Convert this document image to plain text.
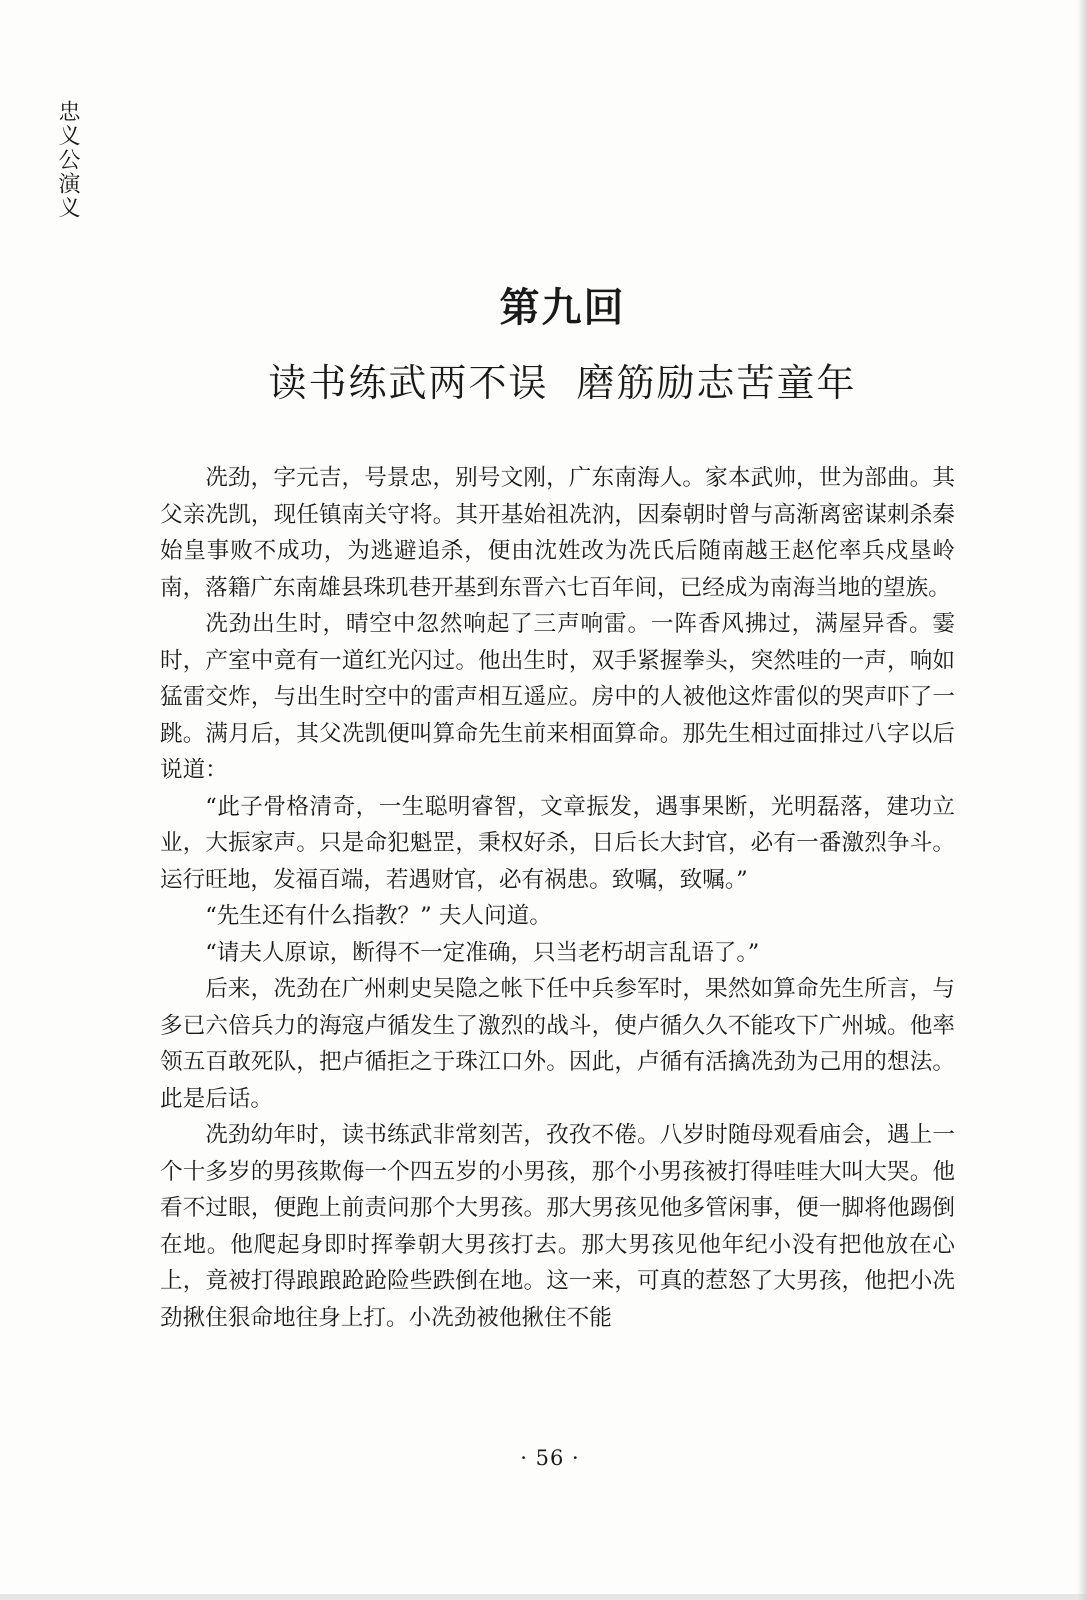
忠义公演义
第九回
读书练武两不误 磨筋励志苦童年

冼劲，字元吉，号景忠，别号文刚，广东南海人。家本武帅，世为部曲。其父亲冼凯，现任镇南关守将。其开基始祖冼汭，因秦朝时曾与高渐离密谋刺杀秦始皇事败不成功，为逃避追杀，便由沈姓改为冼氏后随南越王赵佗率兵戍垦岭南，落籍广东南雄县珠玑巷开基到东晋六七百年间，已经成为南海当地的望族。

冼劲出生时，晴空中忽然响起了三声响雷。一阵香风拂过，满屋异香。霎时，产室中竟有一道红光闪过。他出生时，双手紧握拳头，突然哇的一声，响如猛雷交炸，与出生时空中的雷声相互遥应。房中的人被他这炸雷似的哭声吓了一跳。满月后，其父冼凯便叫算命先生前来相面算命。那先生相过面排过八字以后说道：

“此子骨格清奇，一生聪明睿智，文章振发，遇事果断，光明磊落，建功立业，大振家声。只是命犯魁罡，秉权好杀，日后长大封官，必有一番激烈争斗。运行旺地，发福百端，若遇财官，必有祸患。致嘱，致嘱。”

“先生还有什么指教？” 夫人问道。

“请夫人原谅，断得不一定准确，只当老朽胡言乱语了。”

后来，冼劲在广州刺史吴隐之帐下任中兵参军时，果然如算命先生所言，与多已六倍兵力的海寇卢循发生了激烈的战斗，使卢循久久不能攻下广州城。他率领五百敢死队，把卢循拒之于珠江口外。因此，卢循有活擒冼劲为己用的想法。此是后话。

冼劲幼年时，读书练武非常刻苦，孜孜不倦。八岁时随母观看庙会，遇上一个十多岁的男孩欺侮一个四五岁的小男孩，那个小男孩被打得哇哇大叫大哭。他看不过眼，便跑上前责问那个大男孩。那大男孩见他多管闲事，便一脚将他踢倒在地。他爬起身即时挥拳朝大男孩打去。那大男孩见他年纪小没有把他放在心上，竟被打得踉踉跄跄险些跌倒在地。这一来，可真的惹怒了大男孩，他把小冼劲揪住狠命地往身上打。小冼劲被他揪住不能

· 56 ·
